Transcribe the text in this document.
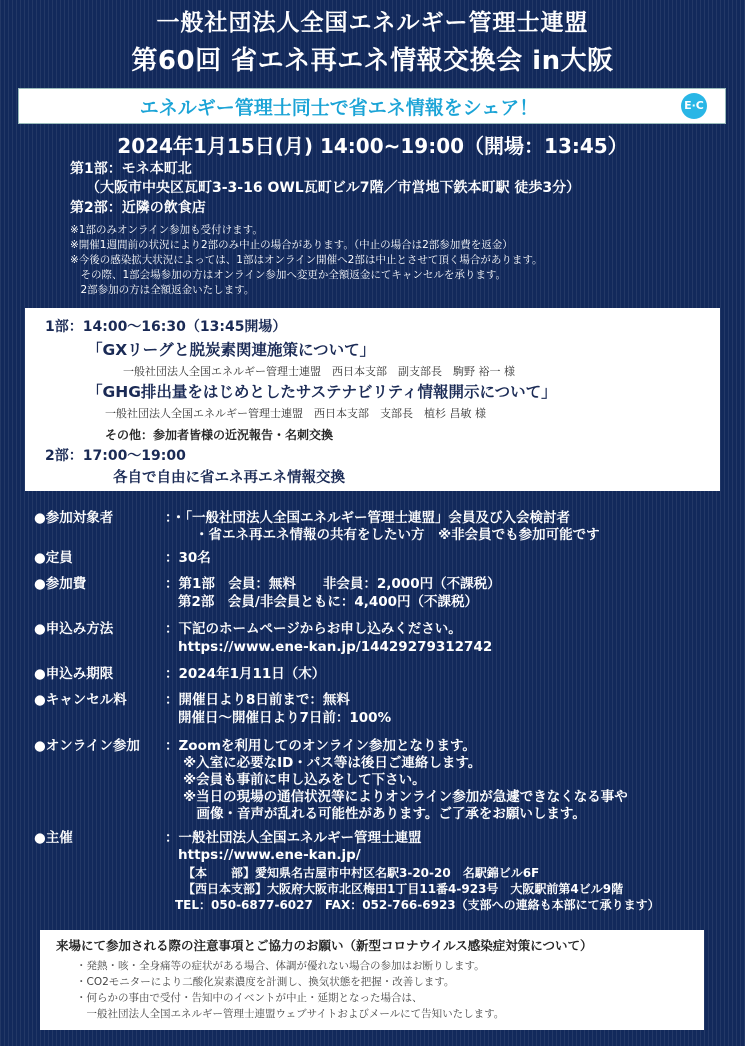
一般社団法人全国エネルギー管理士連盟
第60回 省エネ再エネ情報交換会 in大阪
エネルギー管理士同士で省エネ情報をシェア！	E·C
2024年1月15日(月) 14:00~19:00（開場：13:45）
第1部：モネ本町北
（大阪市中央区瓦町3-3-16 OWL瓦町ビル7階／市営地下鉄本町駅 徒歩3分）
第2部：近隣の飲食店
※1部のみオンライン参加も受付けます。
※開催1週間前の状況により2部のみ中止の場合があります。（中止の場合は2部参加費を返金）
※今後の感染拡大状況によっては、1部はオンライン開催へ2部は中止とさせて頂く場合があります。
　その際、1部会場参加の方はオンライン参加へ変更か全額返金にてキャンセルを承ります。
　2部参加の方は全額返金いたします。
1部：14:00～16:30（13:45開場）
「GXリーグと脱炭素関連施策について」
一般社団法人全国エネルギー管理士連盟　西日本支部　副支部長　駒野 裕一 様
「GHG排出量をはじめとしたサステナビリティ情報開示について」
一般社団法人全国エネルギー管理士連盟　西日本支部　支部長　植杉 昌敏 様
その他：参加者皆様の近況報告・名刺交換
2部：17:00～19:00
各自で自由に省エネ再エネ情報交換
●参加対象者	：・「一般社団法人全国エネルギー管理士連盟」会員及び入会検討者
・省エネ再エネ情報の共有をしたい方　※非会員でも参加可能です
●定員	：30名
●参加費	：第1部　会員：無料　　非会員：2,000円（不課税）
第2部　会員/非会員ともに：4,400円（不課税）
●申込み方法	：下記のホームページからお申し込みください。
https://www.ene-kan.jp/14429279312742
●申込み期限	：2024年1月11日（木）
●キャンセル料	：開催日より8日前まで：無料
開催日～開催日より7日前：100%
●オンライン参加 ：Zoomを利用してのオンライン参加となります。
※入室に必要なID・パス等は後日ご連絡します。
※会員も事前に申し込みをして下さい。
※当日の現場の通信状況等によりオンライン参加が急遽できなくなる事や
　画像・音声が乱れる可能性があります。ご了承をお願いします。
●主催	：一般社団法人全国エネルギー管理士連盟
https://www.ene-kan.jp/
【本　　部】愛知県名古屋市中村区名駅3-20-20　名駅錦ビル6F
【西日本支部】大阪府大阪市北区梅田1丁目11番4-923号　大阪駅前第4ビル9階
TEL：050-6877-6027　FAX：052-766-6923（支部への連絡も本部にて承ります）
来場にて参加される際の注意事項とご協力のお願い（新型コロナウイルス感染症対策について）
・発熱・咳・全身痛等の症状がある場合、体調が優れない場合の参加はお断りします。
・CO2モニターにより二酸化炭素濃度を計測し、換気状態を把握・改善します。
・何らかの事由で受付・告知中のイベントが中止・延期となった場合は、
　一般社団法人全国エネルギー管理士連盟ウェブサイトおよびメールにて告知いたします。
